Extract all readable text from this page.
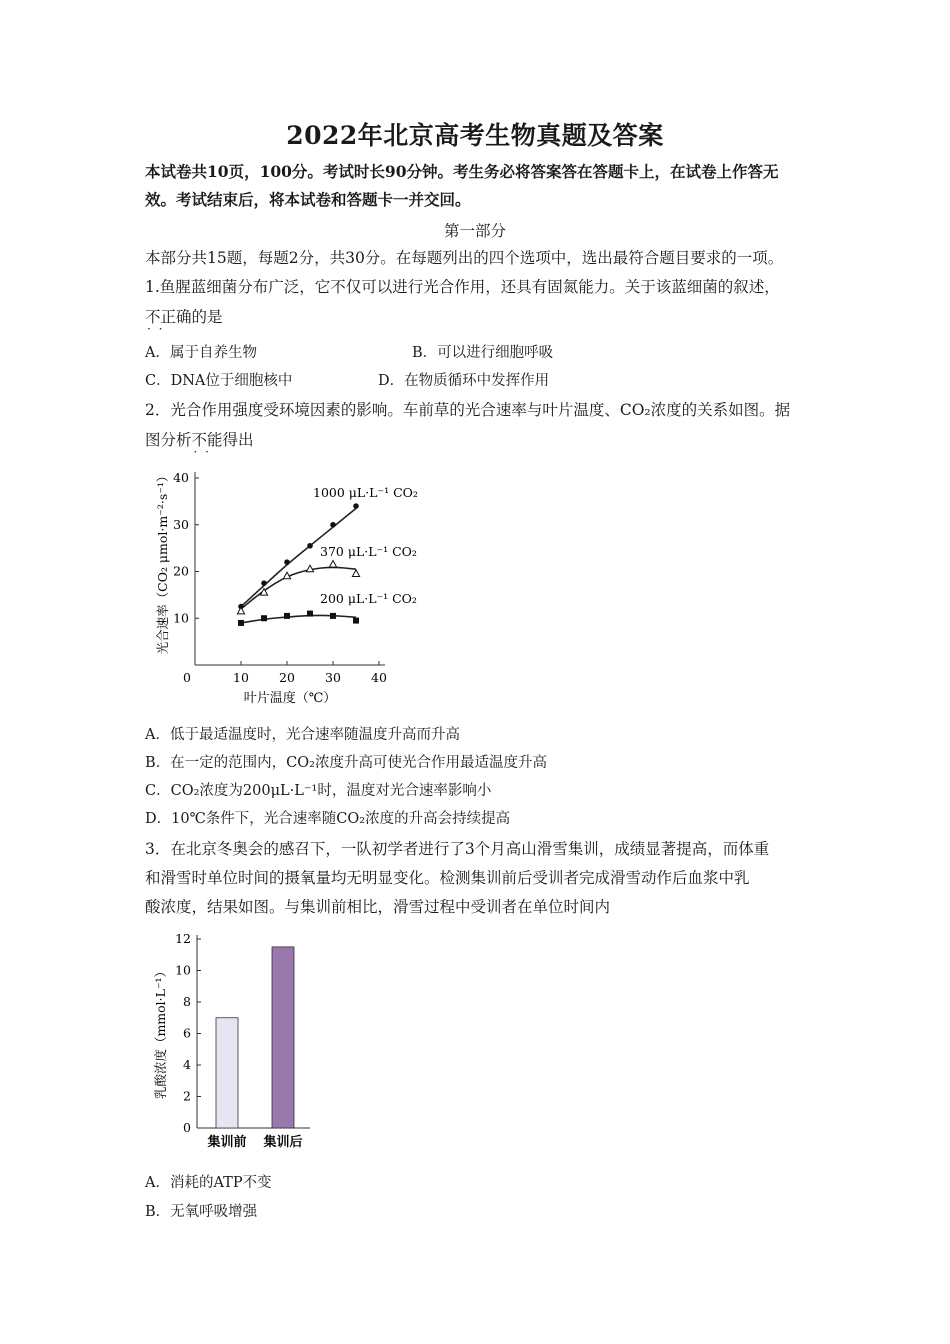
2022年北京高考生物真题及答案
本试卷共10页，100分。考试时长90分钟。考生务必将答案答在答题卡上，在试卷上作答无
效。考试结束后，将本试卷和答题卡一并交回。
第一部分
本部分共15题，每题2分，共30分。在每题列出的四个选项中，选出最符合题目要求的一项。
1.鱼腥蓝细菌分布广泛，它不仅可以进行光合作用，还具有固氮能力。关于该蓝细菌的叙述，
不正确 · ·的是
A．属于自养生物	B．可以进行细胞呼吸
C．DNA位于细胞核中	D．在物质循环中发挥作用
2．光合作用强度受环境因素的影响。车前草的光合速率与叶片温度、CO₂浓度的关系如图。据
图分析不能 · ·得出
10
20
30
40
0	10 20 30 40
1000 μL·L⁻¹ CO₂
370 μL·L⁻¹ CO₂
200 μL·L⁻¹ CO₂
光合速率（CO₂ μmol·m⁻²·s⁻¹）
叶片温度（℃）
A．低于最适温度时，光合速率随温度升高而升高
B．在一定的范围内，CO₂浓度升高可使光合作用最适温度升高
C．CO₂浓度为200μL·L⁻¹时，温度对光合速率影响小
D．10℃条件下，光合速率随CO₂浓度的升高会持续提高
3．在北京冬奥会的感召下，一队初学者进行了3个月高山滑雪集训，成绩显著提高，而体重
和滑雪时单位时间的摄氧量均无明显变化。检测集训前后受训者完成滑雪动作后血浆中乳
酸浓度，结果如图。与集训前相比，滑雪过程中受训者在单位时间内
0
2
4
6
8
10
12
集训前 集训后
乳酸浓度（mmol·L⁻¹）
A．消耗的ATP不变
B．无氧呼吸增强
